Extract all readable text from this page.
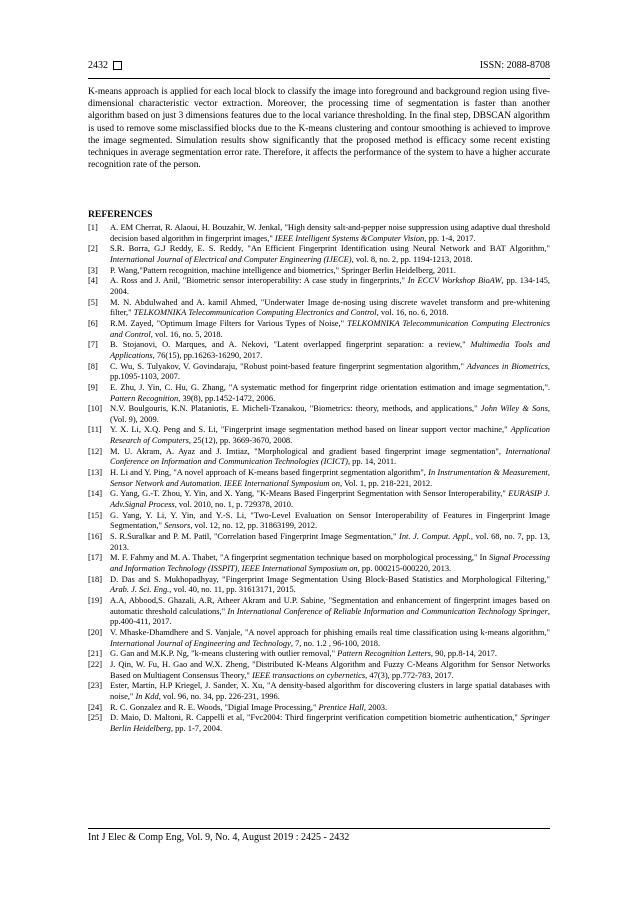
2432	ISSN: 2088-8708

K-means approach is applied for each local block to classify the image into foreground and background region using five-dimensional characteristic vector extraction. Moreover, the processing time of segmentation is faster than another algorithm based on just 3 dimensions features due to the local variance thresholding. In the final step, DBSCAN algorithm is used to remove some misclassified blocks due to the K-means clustering and contour smoothing is achieved to improve the image segmented. Simulation results show significantly that the proposed method is efficacy some recent existing techniques in average segmentation error rate. Therefore, it affects the performance of the system to have a higher accurate recognition rate of the person.

REFERENCES
[1]	A. EM Cherrat, R. Alaoui, H. Bouzahir, W. Jenkal, "High density salt-and-pepper noise suppression using adaptive dual threshold decision based algorithm in fingerprint images," IEEE Intelligent Systems &Computer Vision, pp. 1-4, 2017.
[2]	S.R. Borra, G.J Reddy, E. S. Reddy, "An Efficient Fingerprint Identification using Neural Network and BAT Algorithm," International Journal of Electrical and Computer Engineering (IJECE), vol. 8, no. 2, pp. 1194-1213, 2018.
[3]	P. Wang,"Pattern recognition, machine intelligence and biometrics," Springer Berlin Heidelberg, 2011.
[4]	A. Ross and J. Anil, "Biometric sensor interoperability: A case study in fingerprints," In ECCV Workshop BioAW, pp. 134-145, 2004.
[5]	M. N. Abdulwahed and A. kamil Ahmed, "Underwater Image de-nosing using discrete wavelet transform and pre-whitening filter," TELKOMNIKA Telecommunication Computing Electronics and Control, vol. 16, no. 6, 2018.
[6]	R.M. Zayed, "Optimum Image Filters for Various Types of Noise," TELKOMNIKA Telecommunication Computing Electronics and Control, vol. 16, no. 5, 2018.
[7]	B. Stojanovi, O. Marques, and A. Nekovi, "Latent overlapped fingerprint separation: a review," Multimedia Tools and Applications, 76(15), pp.16263-16290, 2017.
[8]	C. Wu, S. Tulyakov, V. Govindaraju, "Robust point-based feature fingerprint segmentation algorithm," Advances in Biometrics, pp.1095-1103, 2007.
[9]	E. Zhu, J. Yin, C. Hu, G. Zhang, "A systematic method for fingerprint ridge orientation estimation and image segmentation,". Pattern Recognition, 39(8), pp.1452-1472, 2006.
[10] N.V. Boulgouris, K.N. Plataniotis, E. Micheli-Tzanakou, "Biometrics: theory, methods, and applications," John Wiley & Sons, (Vol. 9), 2009.
[11] Y. X. Li, X.Q. Peng and S. Li, "Fingerprint image segmentation method based on linear support vector machine," Application Research of Computers, 25(12), pp. 3669-3670, 2008.
[12] M. U. Akram, A. Ayaz and J. Imtiaz, "Morphological and gradient based fingerprint image segmentation", International Conference on Information and Communication Technologies (ICICT), pp. 14, 2011.
[13] H. Li and Y. Ping, "A novel approach of K-means based fingerprint segmentation algorithm", In Instrumentation & Measurement, Sensor Network and Automation. IEEE International Symposium on, Vol. 1, pp. 218-221, 2012.
[14] G. Yang, G.-T. Zhou, Y. Yin, and X. Yang, "K-Means Based Fingerprint Segmentation with Sensor Interoperability," EURASIP J. Adv.Signal Process, vol. 2010, no. 1, p. 729378, 2010.
[15] G. Yang, Y. Li, Y. Yin, and Y.-S. Li, "Two-Level Evaluation on Sensor Interoperability of Features in Fingerprint Image Segmentation," Sensors, vol. 12, no. 12, pp. 31863199, 2012.
[16] S. R.Suralkar and P. M. Patil, "Correlation based Fingerprint Image Segmentation," Int. J. Comput. Appl., vol. 68, no. 7, pp. 13, 2013.
[17] M. F. Fahmy and M. A. Thabet, "A fingerprint segmentation technique based on morphological processing," In Signal Processing and Information Technology (ISSPIT), IEEE International Symposium on, pp. 000215-000220, 2013.
[18] D. Das and S. Mukhopadhyay, "Fingerprint Image Segmentation Using Block-Based Statistics and Morphological Filtering," Arab. J. Sci. Eng., vol. 40, no. 11, pp. 31613171, 2015.
[19] A.A, Abbood,S. Ghazali, A.R, Atheer Akram and U.P. Sabine, "Segmentation and enhancement of fingerprint images based on automatic threshold calculations," In International Conference of Reliable Information and Communication Technology Springer, pp.400-411, 2017.
[20] V. Mhaske-Dhamdhere and S. Vanjale, "A novel approach for phishing emails real time classification using k-means algorithm," International Journal of Engineering and Technology, 7, no. 1.2 , 96-100, 2018.
[21] G. Gan and M.K.P. Ng, "k-means clustering with outlier removal," Pattern Recognition Letters, 90, pp.8-14, 2017.
[22] J. Qin, W. Fu, H. Gao and W.X. Zheng, "Distributed K-Means Algorithm and Fuzzy C-Means Algorithm for Sensor Networks Based on Multiagent Consensus Theory," IEEE transactions on cybernetics, 47(3), pp.772-783, 2017.
[23] Ester, Martin, H.P Kriegel, J. Sander, X. Xu, "A density-based algorithm for discovering clusters in large spatial databases with noise," In Kdd, vol. 96, no. 34, pp. 226-231, 1996.
[24] R. C. Gonzalez and R. E. Woods, "Digial Image Processing," Prentice Hall, 2003.
[25] D. Maio, D. Maltoni, R. Cappelli et al, "Fvc2004: Third fingerprint verification competition biometric authentication," Springer Berlin Heidelberg, pp. 1-7, 2004.
Int J Elec & Comp Eng, Vol. 9, No. 4, August 2019 : 2425 - 2432
